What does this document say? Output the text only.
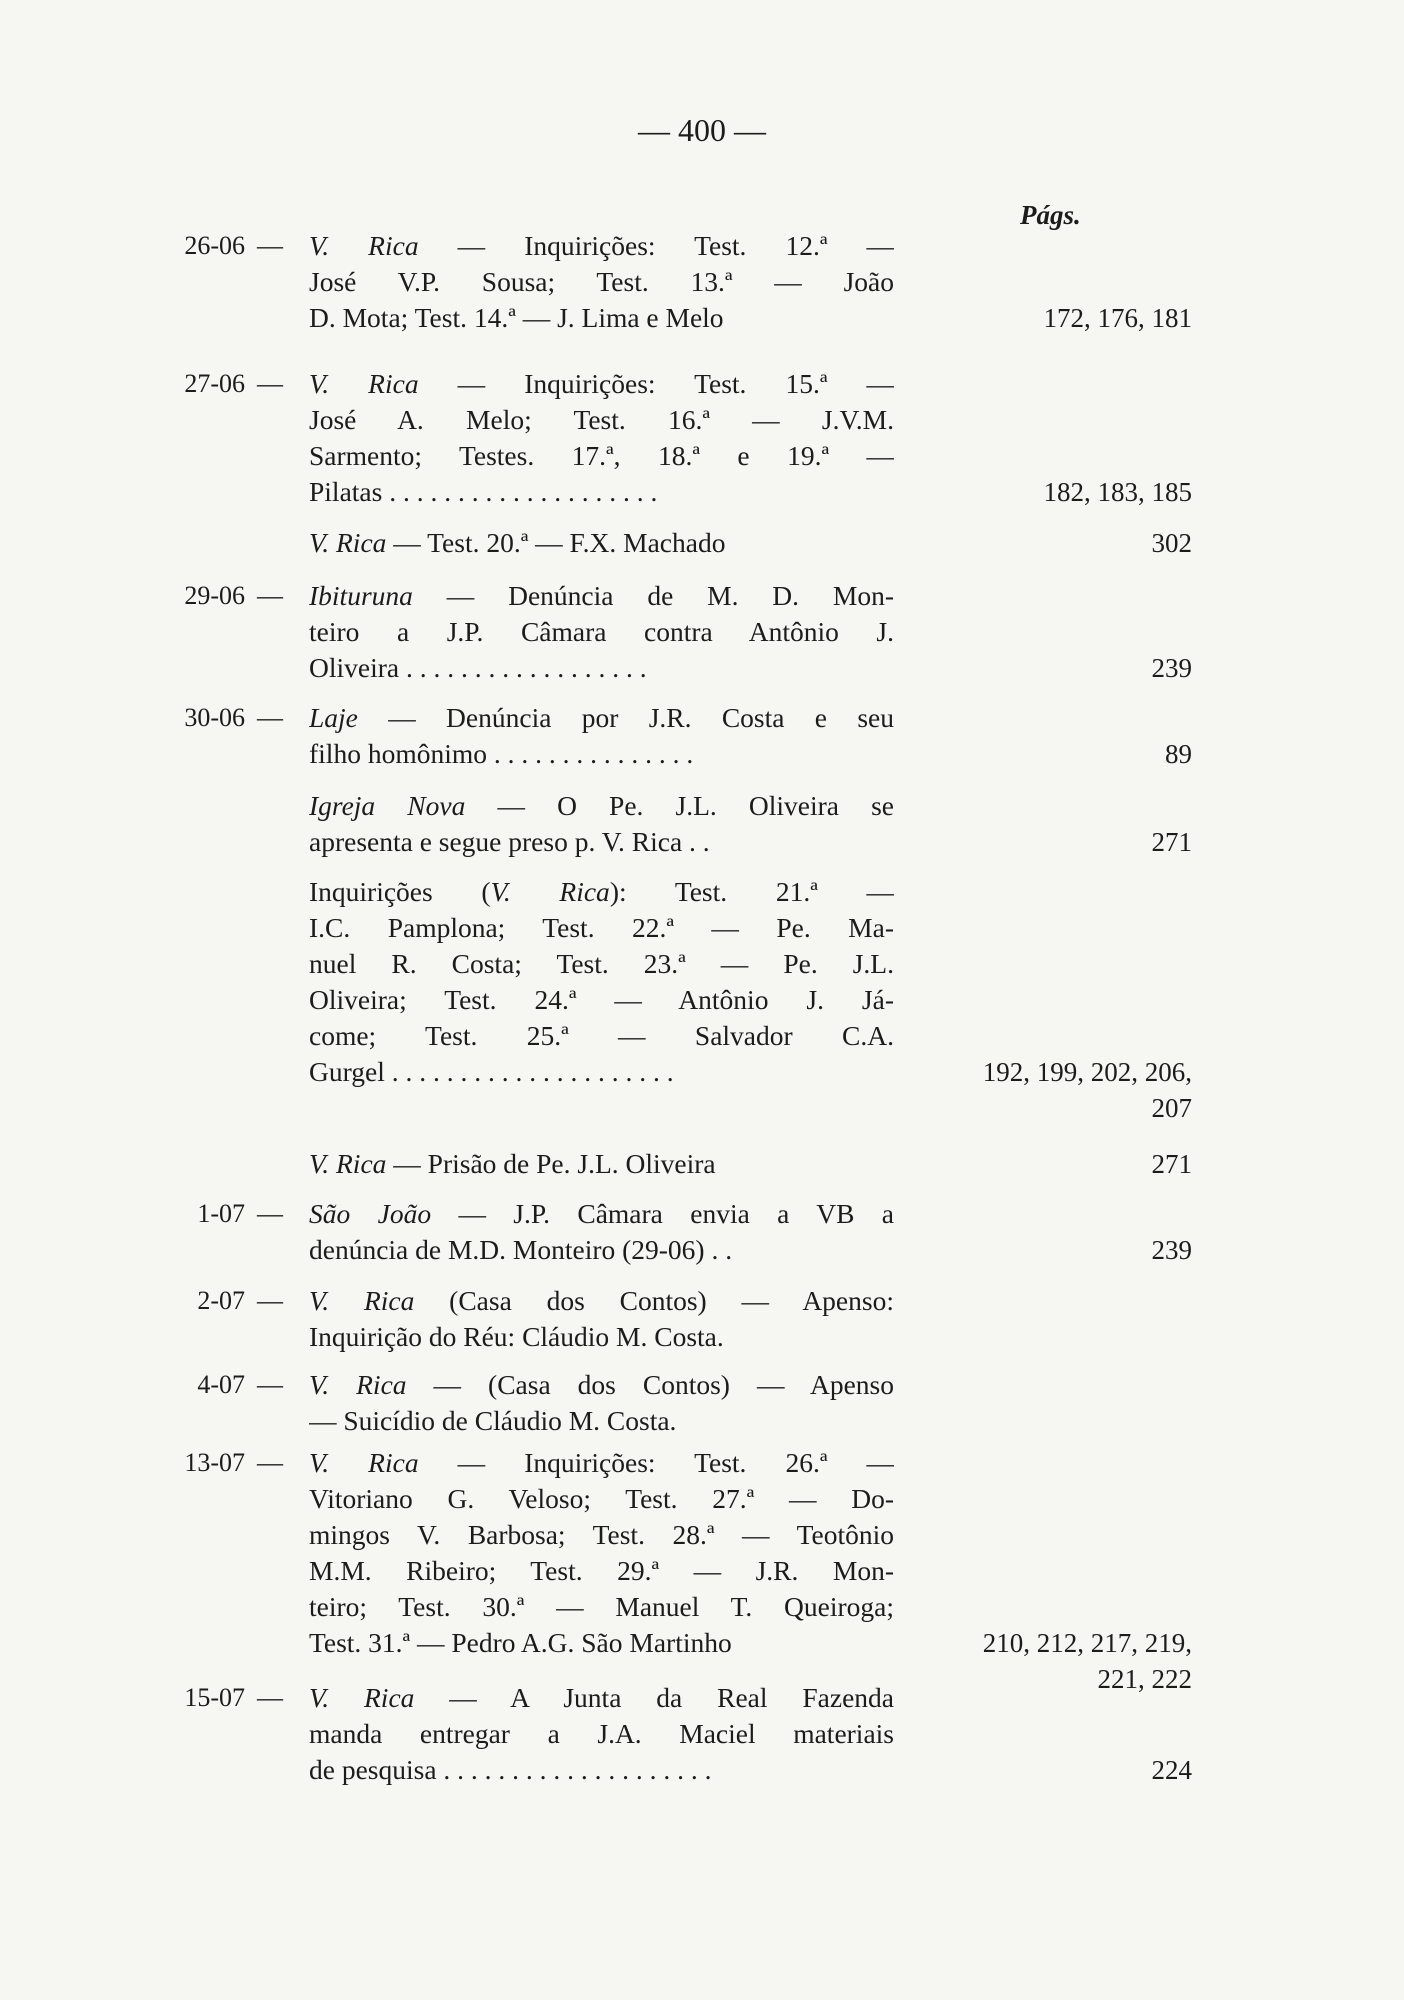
— 400 —
Págs.
26-06 — V. Rica — Inquirições: Test. 12.ª —
José V.P. Sousa; Test. 13.ª — João
D. Mota; Test. 14.ª — J. Lima e Melo	172, 176, 181
27-06 — V. Rica — Inquirições: Test. 15.ª —
José A. Melo; Test. 16.ª — J.V.M.
Sarmento; Testes. 17.ª, 18.ª e 19.ª —
Pilatas . . . . . . . . . . . . . . . . . . . .	182, 183, 185
V. Rica — Test. 20.ª — F.X. Machado	302
29-06 — Ibituruna — Denúncia de M. D. Mon-
teiro a J.P. Câmara contra Antônio J.
Oliveira . . . . . . . . . . . . . . . . . .	239
30-06 — Laje — Denúncia por J.R. Costa e seu
filho homônimo . . . . . . . . . . . . . . .	89
Igreja Nova — O Pe. J.L. Oliveira se
apresenta e segue preso p. V. Rica . .	271
Inquirições (V. Rica): Test. 21.ª —
I.C. Pamplona; Test. 22.ª — Pe. Ma-
nuel R. Costa; Test. 23.ª — Pe. J.L.
Oliveira; Test. 24.ª — Antônio J. Já-
come; Test. 25.ª — Salvador C.A.
Gurgel . . . . . . . . . . . . . . . . . . . . .	192, 199, 202, 206,
207
V. Rica — Prisão de Pe. J.L. Oliveira	271
1-07 — São João — J.P. Câmara envia a VB a
denúncia de M.D. Monteiro (29-06) . .	239
2-07 — V. Rica (Casa dos Contos) — Apenso:
Inquirição do Réu: Cláudio M. Costa.
4-07 — V. Rica — (Casa dos Contos) — Apenso
— Suicídio de Cláudio M. Costa.
13-07 — V. Rica — Inquirições: Test. 26.ª —
Vitoriano G. Veloso; Test. 27.ª — Do-
mingos V. Barbosa; Test. 28.ª — Teotônio
M.M. Ribeiro; Test. 29.ª — J.R. Mon-
teiro; Test. 30.ª — Manuel T. Queiroga;
Test. 31.ª — Pedro A.G. São Martinho	210, 212, 217, 219,
221, 222
15-07 — V. Rica — A Junta da Real Fazenda
manda entregar a J.A. Maciel materiais
de pesquisa . . . . . . . . . . . . . . . . . . . .	224
